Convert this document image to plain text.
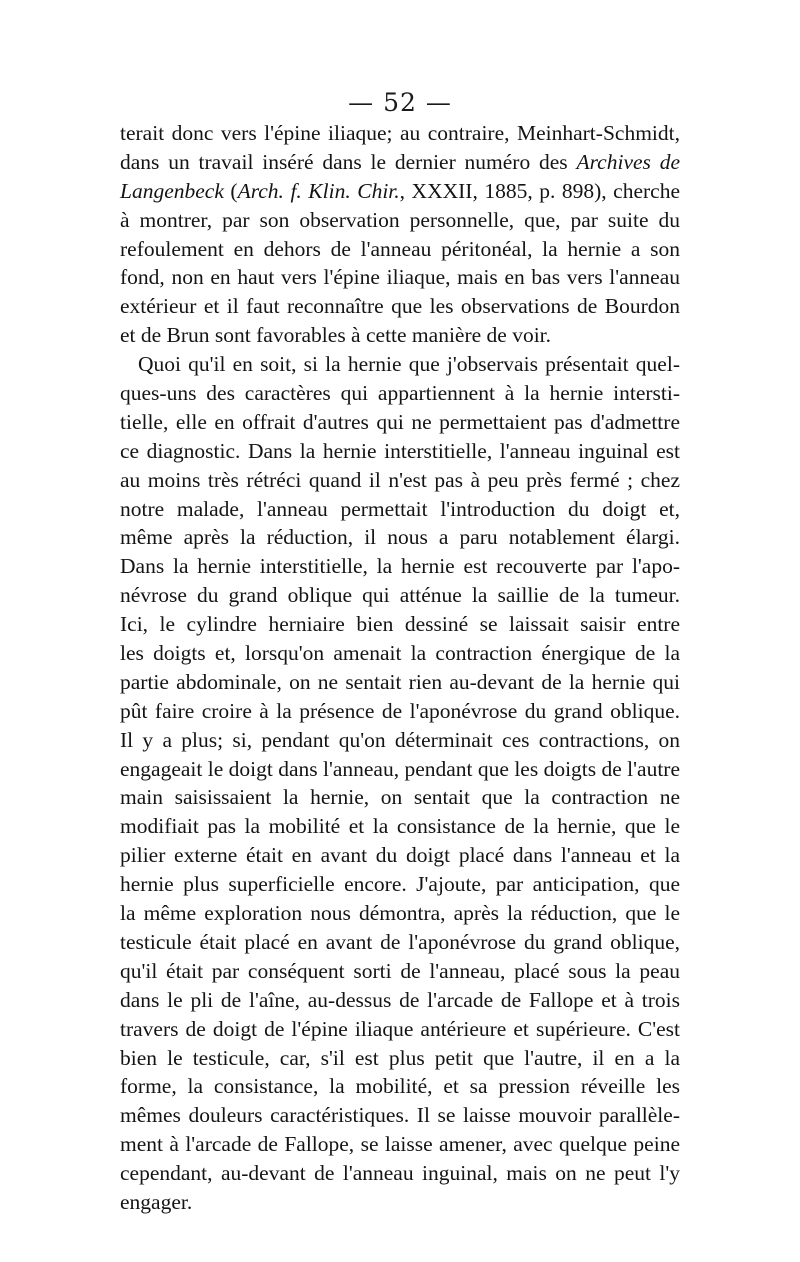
— 52 —
terait donc vers l'épine iliaque; au contraire, Meinhart-Schmidt,
dans un travail inséré dans le dernier numéro des Archives de
Langenbeck (Arch. f. Klin. Chir., XXXII, 1885, p. 898), cherche
à montrer, par son observation personnelle, que, par suite du
refoulement en dehors de l'anneau péritonéal, la hernie a son
fond, non en haut vers l'épine iliaque, mais en bas vers l'anneau
extérieur et il faut reconnaître que les observations de Bourdon
et de Brun sont favorables à cette manière de voir.
Quoi qu'il en soit, si la hernie que j'observais présentait quel-
ques-uns des caractères qui appartiennent à la hernie intersti-
tielle, elle en offrait d'autres qui ne permettaient pas d'admettre
ce diagnostic. Dans la hernie interstitielle, l'anneau inguinal est
au moins très rétréci quand il n'est pas à peu près fermé ; chez
notre malade, l'anneau permettait l'introduction du doigt et,
même après la réduction, il nous a paru notablement élargi.
Dans la hernie interstitielle, la hernie est recouverte par l'apo-
névrose du grand oblique qui atténue la saillie de la tumeur.
Ici, le cylindre herniaire bien dessiné se laissait saisir entre
les doigts et, lorsqu'on amenait la contraction énergique de la
partie abdominale, on ne sentait rien au-devant de la hernie qui
pût faire croire à la présence de l'aponévrose du grand oblique.
Il y a plus; si, pendant qu'on déterminait ces contractions, on
engageait le doigt dans l'anneau, pendant que les doigts de l'autre
main saisissaient la hernie, on sentait que la contraction ne
modifiait pas la mobilité et la consistance de la hernie, que le
pilier externe était en avant du doigt placé dans l'anneau et la
hernie plus superficielle encore. J'ajoute, par anticipation, que
la même exploration nous démontra, après la réduction, que le
testicule était placé en avant de l'aponévrose du grand oblique,
qu'il était par conséquent sorti de l'anneau, placé sous la peau
dans le pli de l'aîne, au-dessus de l'arcade de Fallope et à trois
travers de doigt de l'épine iliaque antérieure et supérieure. C'est
bien le testicule, car, s'il est plus petit que l'autre, il en a la
forme, la consistance, la mobilité, et sa pression réveille les
mêmes douleurs caractéristiques. Il se laisse mouvoir parallèle-
ment à l'arcade de Fallope, se laisse amener, avec quelque peine
cependant, au-devant de l'anneau inguinal, mais on ne peut l'y
engager.
